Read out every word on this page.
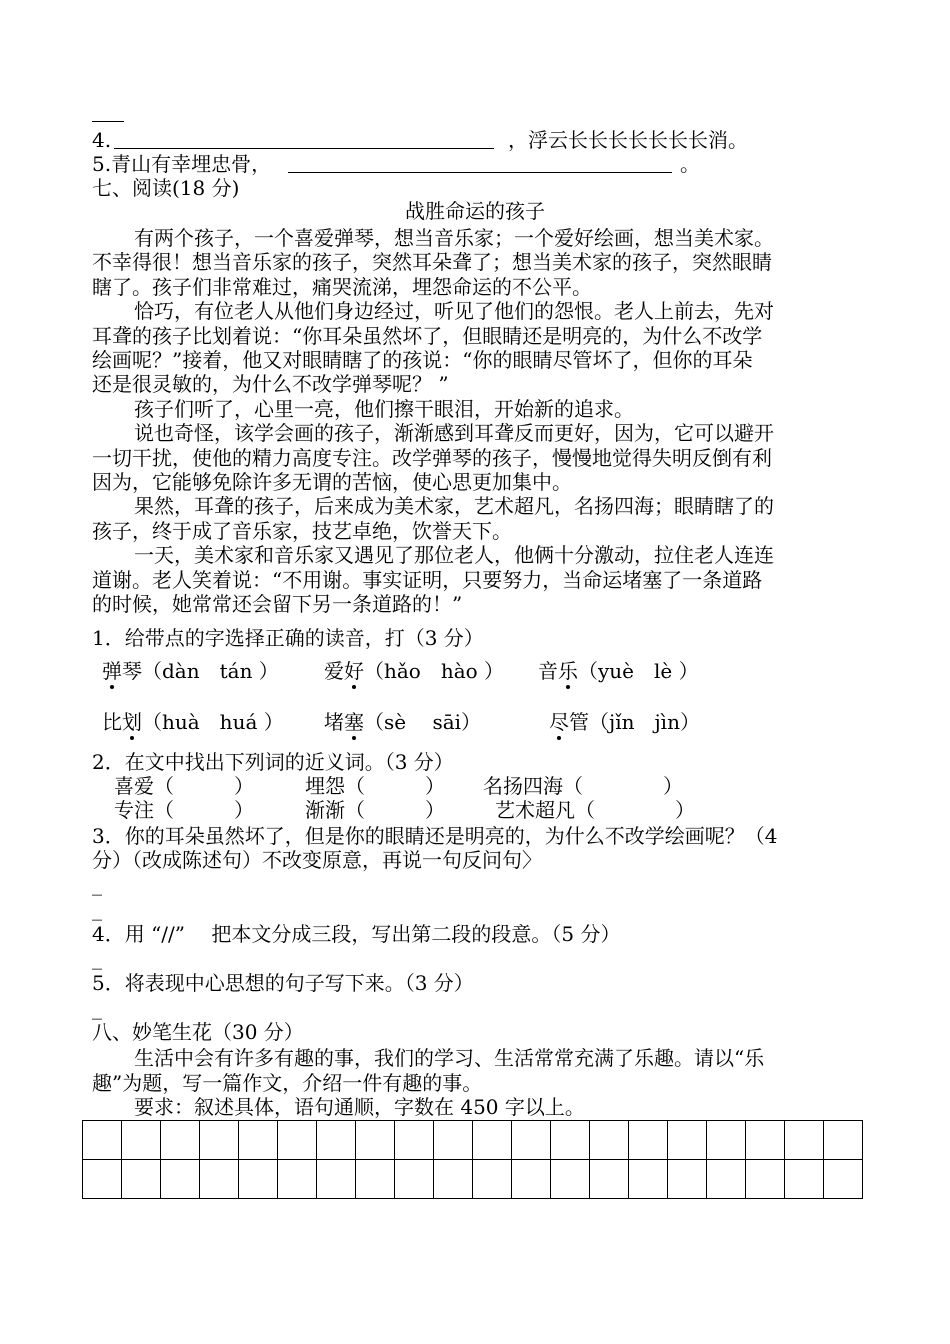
4.	，浮云长长长长长长长消。
5.青山有幸埋忠骨，	。
七、阅读(18 分)
战胜命运的孩子
有两个孩子，一个喜爱弹琴，想当音乐家；一个爱好绘画，想当美术家。
不幸得很！想当音乐家的孩子，突然耳朵聋了；想当美术家的孩子，突然眼睛
瞎了。孩子们非常难过，痛哭流涕，埋怨命运的不公平。
恰巧，有位老人从他们身边经过，听见了他们的怨恨。老人上前去，先对
耳聋的孩子比划着说：“你耳朵虽然坏了，但眼睛还是明亮的，为什么不改学
绘画呢？”接着，他又对眼睛瞎了的孩说：“你的眼睛尽管坏了，但你的耳朵
还是很灵敏的，为什么不改学弹琴呢？ ”
孩子们听了，心里一亮，他们擦干眼泪，开始新的追求。
说也奇怪，该学会画的孩子，渐渐感到耳聋反而更好，因为，它可以避开
一切干扰，使他的精力高度专注。改学弹琴的孩子，慢慢地觉得失明反倒有利
因为，它能够免除许多无谓的苦恼，使心思更加集中。
果然，耳聋的孩子，后来成为美术家，艺术超凡，名扬四海；眼睛瞎了的
孩子，终于成了音乐家，技艺卓绝，饮誉天下。
一天，美术家和音乐家又遇见了那位老人，他俩十分激动，拉住老人连连
道谢。老人笑着说：“不用谢。事实证明，只要努力，当命运堵塞了一条道路
的时候，她常常还会留下另一条道路的！”
1．给带点的字选择正确的读音，打（3 分）
弹琴（dàn　tán ） 爱好（hǎo　hào ） 音乐（yuè　lè ）
比划（huà　huá ） 堵塞（sè　 sāi）	尽管（jǐn　jìn）
2．在文中找出下列词的近义词。（3 分）
喜爱（　　　）	埋怨（　　　） 名扬四海（　　　　）
专注（　　　）	渐渐（　　　）	艺术超凡（　　　　）
3．你的耳朵虽然坏了，但是你的眼睛还是明亮的，为什么不改学绘画呢？（4
分）（改成陈述句）不改变原意，再说一句反问句〉
_
_
4．用 “//”　 把本文分成三段，写出第二段的段意。（5 分）
_
5．将表现中心思想的句子写下来。（3 分）
_
八、妙笔生花（30 分）
生活中会有许多有趣的事，我们的学习、生活常常充满了乐趣。请以“乐
趣”为题，写一篇作文，介绍一件有趣的事。
要求：叙述具体，语句通顺，字数在 450 字以上。
